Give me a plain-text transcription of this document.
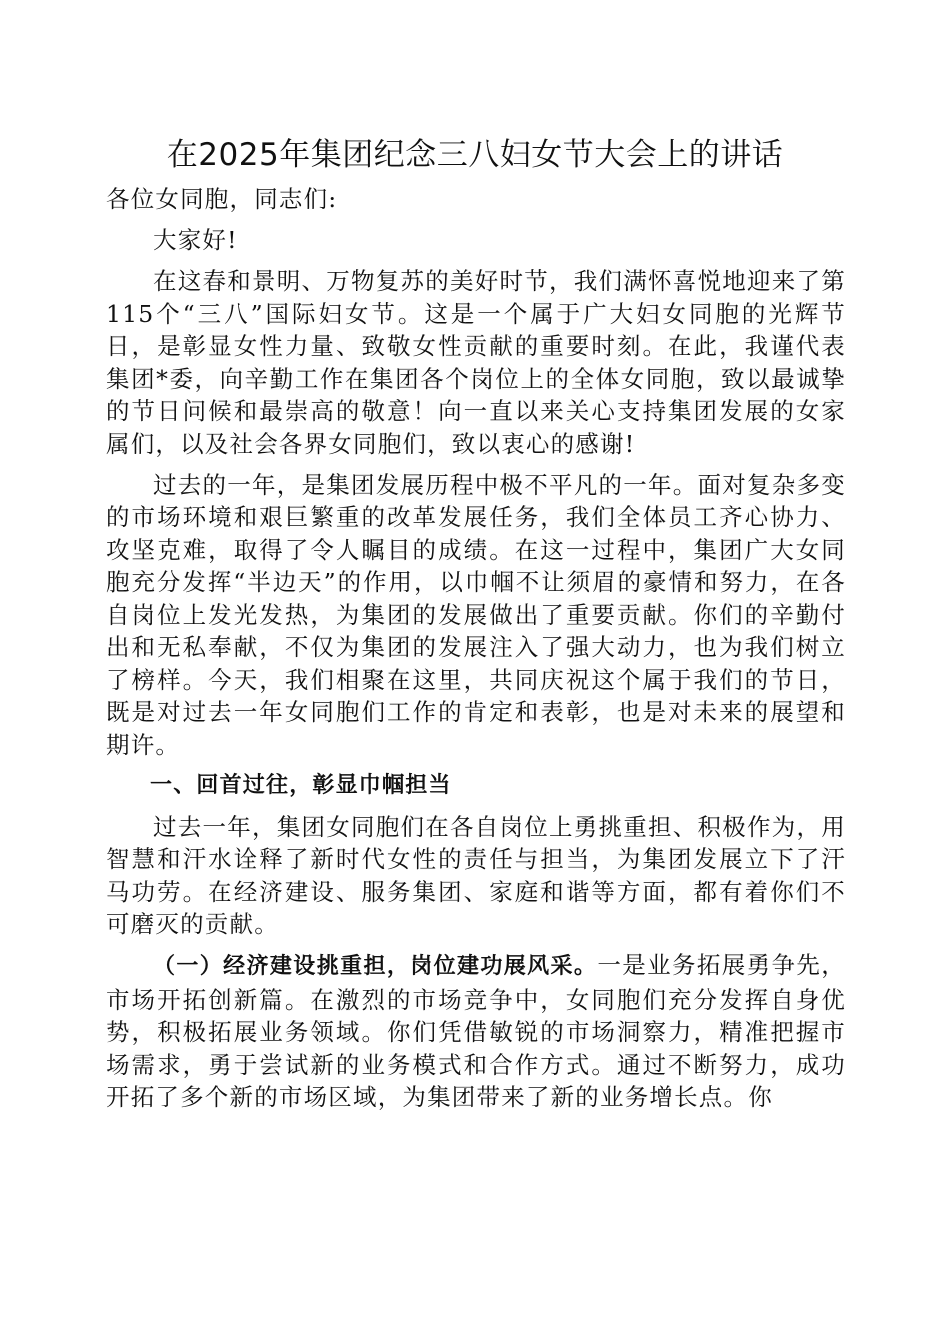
在2025年集团纪念三八妇女节大会上的讲话

各位女同胞，同志们:

大家好!

在这春和景明、万物复苏的美好时节，我们满怀喜悦地迎来了第115个“三八”国际妇女节。这是一个属于广大妇女同胞的光辉节日，是彰显女性力量、致敬女性贡献的重要时刻。在此，我谨代表集团*委，向辛勤工作在集团各个岗位上的全体女同胞，致以最诚挚的节日问候和最崇高的敬意！向一直以来关心支持集团发展的女家属们，以及社会各界女同胞们，致以衷心的感谢!

过去的一年，是集团发展历程中极不平凡的一年。面对复杂多变的市场环境和艰巨繁重的改革发展任务，我们全体员工齐心协力、攻坚克难，取得了令人瞩目的成绩。在这一过程中，集团广大女同胞充分发挥“半边天”的作用，以巾帼不让须眉的豪情和努力，在各自岗位上发光发热，为集团的发展做出了重要贡献。你们的辛勤付出和无私奉献，不仅为集团的发展注入了强大动力，也为我们树立了榜样。今天，我们相聚在这里，共同庆祝这个属于我们的节日，既是对过去一年女同胞们工作的肯定和表彰，也是对未来的展望和期许。

一、回首过往，彰显巾帼担当

过去一年，集团女同胞们在各自岗位上勇挑重担、积极作为，用智慧和汗水诠释了新时代女性的责任与担当，为集团发展立下了汗马功劳。在经济建设、服务集团、家庭和谐等方面，都有着你们不可磨灭的贡献。

（一）经济建设挑重担，岗位建功展风采。一是业务拓展勇争先，市场开拓创新篇。在激烈的市场竞争中，女同胞们充分发挥自身优势，积极拓展业务领域。你们凭借敏锐的市场洞察力，精准把握市场需求，勇于尝试新的业务模式和合作方式。通过不断努力，成功开拓了多个新的市场区域，为集团带来了新的业务增长点。你
